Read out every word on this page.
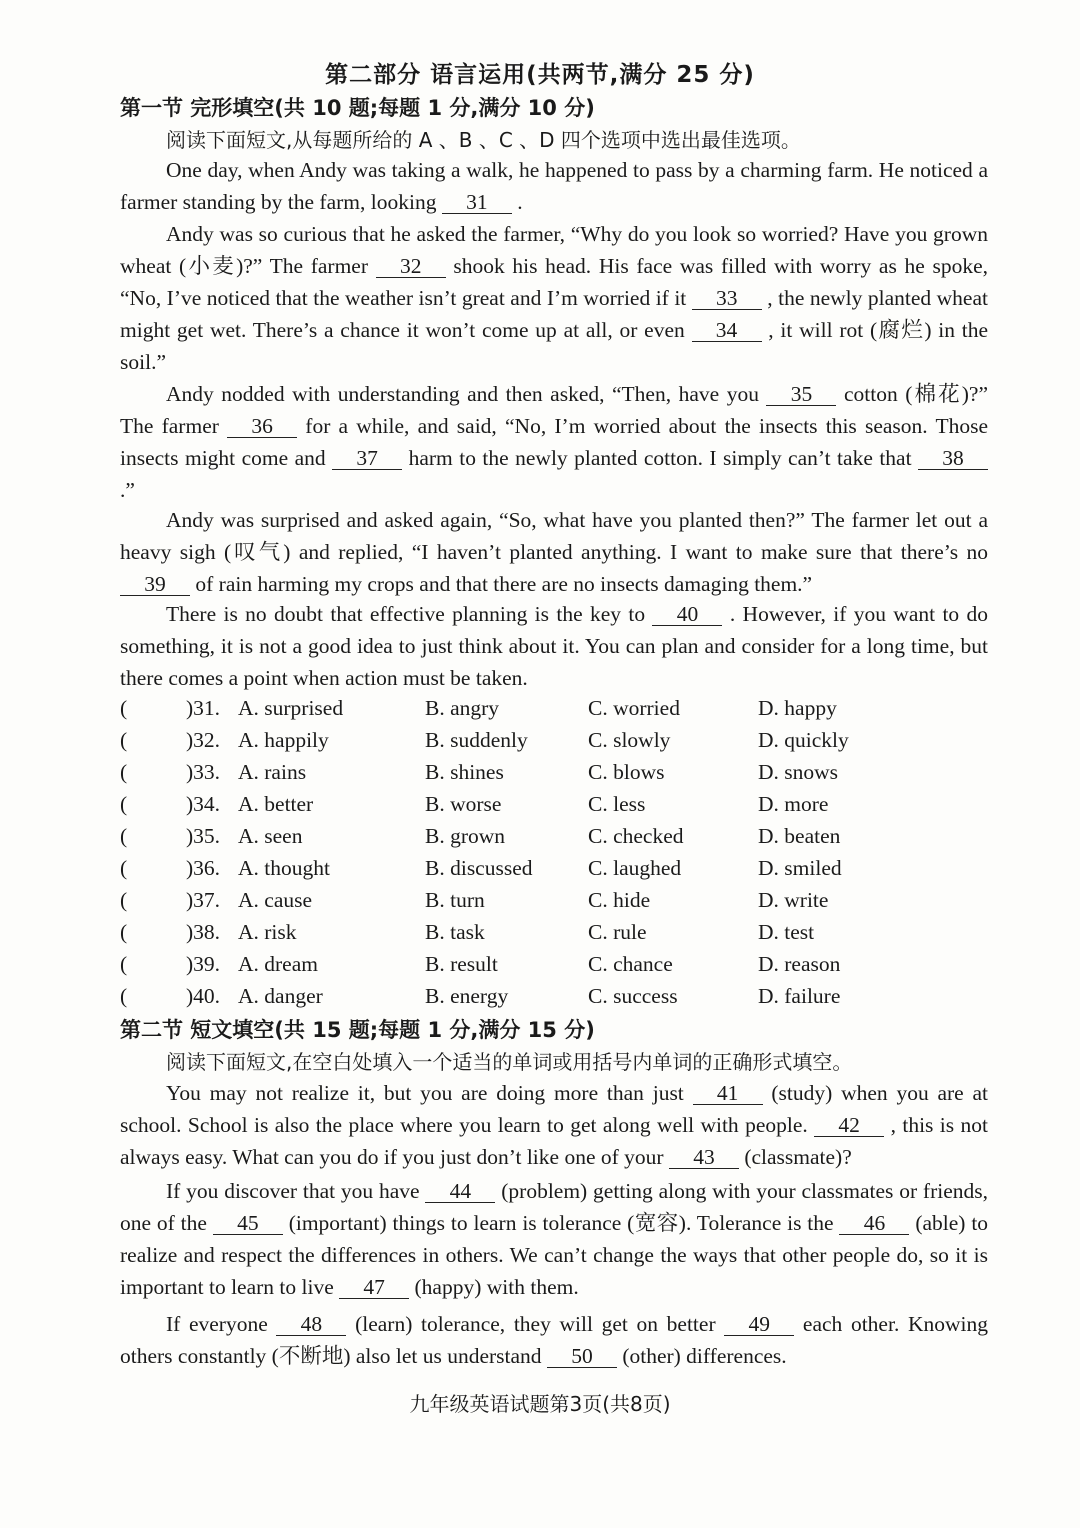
第二部分 语言运用(共两节,满分 25 分)
第一节 完形填空(共 10 题;每题 1 分,满分 10 分)
阅读下面短文,从每题所给的 A 、B 、C 、D 四个选项中选出最佳选项。

One day, when Andy was taking a walk, he happened to pass by a charming farm. He noticed a farmer standing by the farm, looking 31 .

Andy was so curious that he asked the farmer, “Why do you look so worried? Have you grown wheat (小麦)?” The farmer 32 shook his head. His face was filled with worry as he spoke, “No, I’ve noticed that the weather isn’t great and I’m worried if it 33 , the newly planted wheat might get wet. There’s a chance it won’t come up at all, or even 34 , it will rot (腐烂) in the soil.”

Andy nodded with understanding and then asked, “Then, have you 35 cotton (棉花)?” The farmer 36 for a while, and said, “No, I’m worried about the insects this season. Those insects might come and 37 harm to the newly planted cotton. I simply can’t take that 38 .”

Andy was surprised and asked again, “So, what have you planted then?” The farmer let out a heavy sigh (叹气) and replied, “I haven’t planted anything. I want to make sure that there’s no 39 of rain harming my crops and that there are no insects damaging them.”

There is no doubt that effective planning is the key to 40 . However, if you want to do something, it is not a good idea to just think about it. You can plan and consider for a long time, but there comes a point when action must be taken.

(	)31. A. surprised	B. angry	C. worried	D. happy
(	)32. A. happily	B. suddenly	C. slowly	D. quickly
(	)33. A. rains	B. shines	C. blows	D. snows
(	)34. A. better	B. worse	C. less	D. more
(	)35. A. seen	B. grown	C. checked	D. beaten
(	)36. A. thought	B. discussed	C. laughed	D. smiled
(	)37. A. cause	B. turn	C. hide	D. write
(	)38. A. risk	B. task	C. rule	D. test
(	)39. A. dream	B. result	C. chance	D. reason
(	)40. A. danger	B. energy	C. success	D. failure
第二节 短文填空(共 15 题;每题 1 分,满分 15 分)
阅读下面短文,在空白处填入一个适当的单词或用括号内单词的正确形式填空。

You may not realize it, but you are doing more than just 41 (study) when you are at school. School is also the place where you learn to get along well with people. 42 , this is not always easy. What can you do if you just don’t like one of your 43 (classmate)?

If you discover that you have 44 (problem) getting along with your classmates or friends, one of the 45 (important) things to learn is tolerance (宽容). Tolerance is the 46 (able) to realize and respect the differences in others. We can’t change the ways that other people do, so it is important to learn to live 47 (happy) with them.

If everyone 48 (learn) tolerance, they will get on better 49 each other. Knowing others constantly (不断地) also let us understand 50 (other) differences.

九年级英语试题第3页(共8页)
